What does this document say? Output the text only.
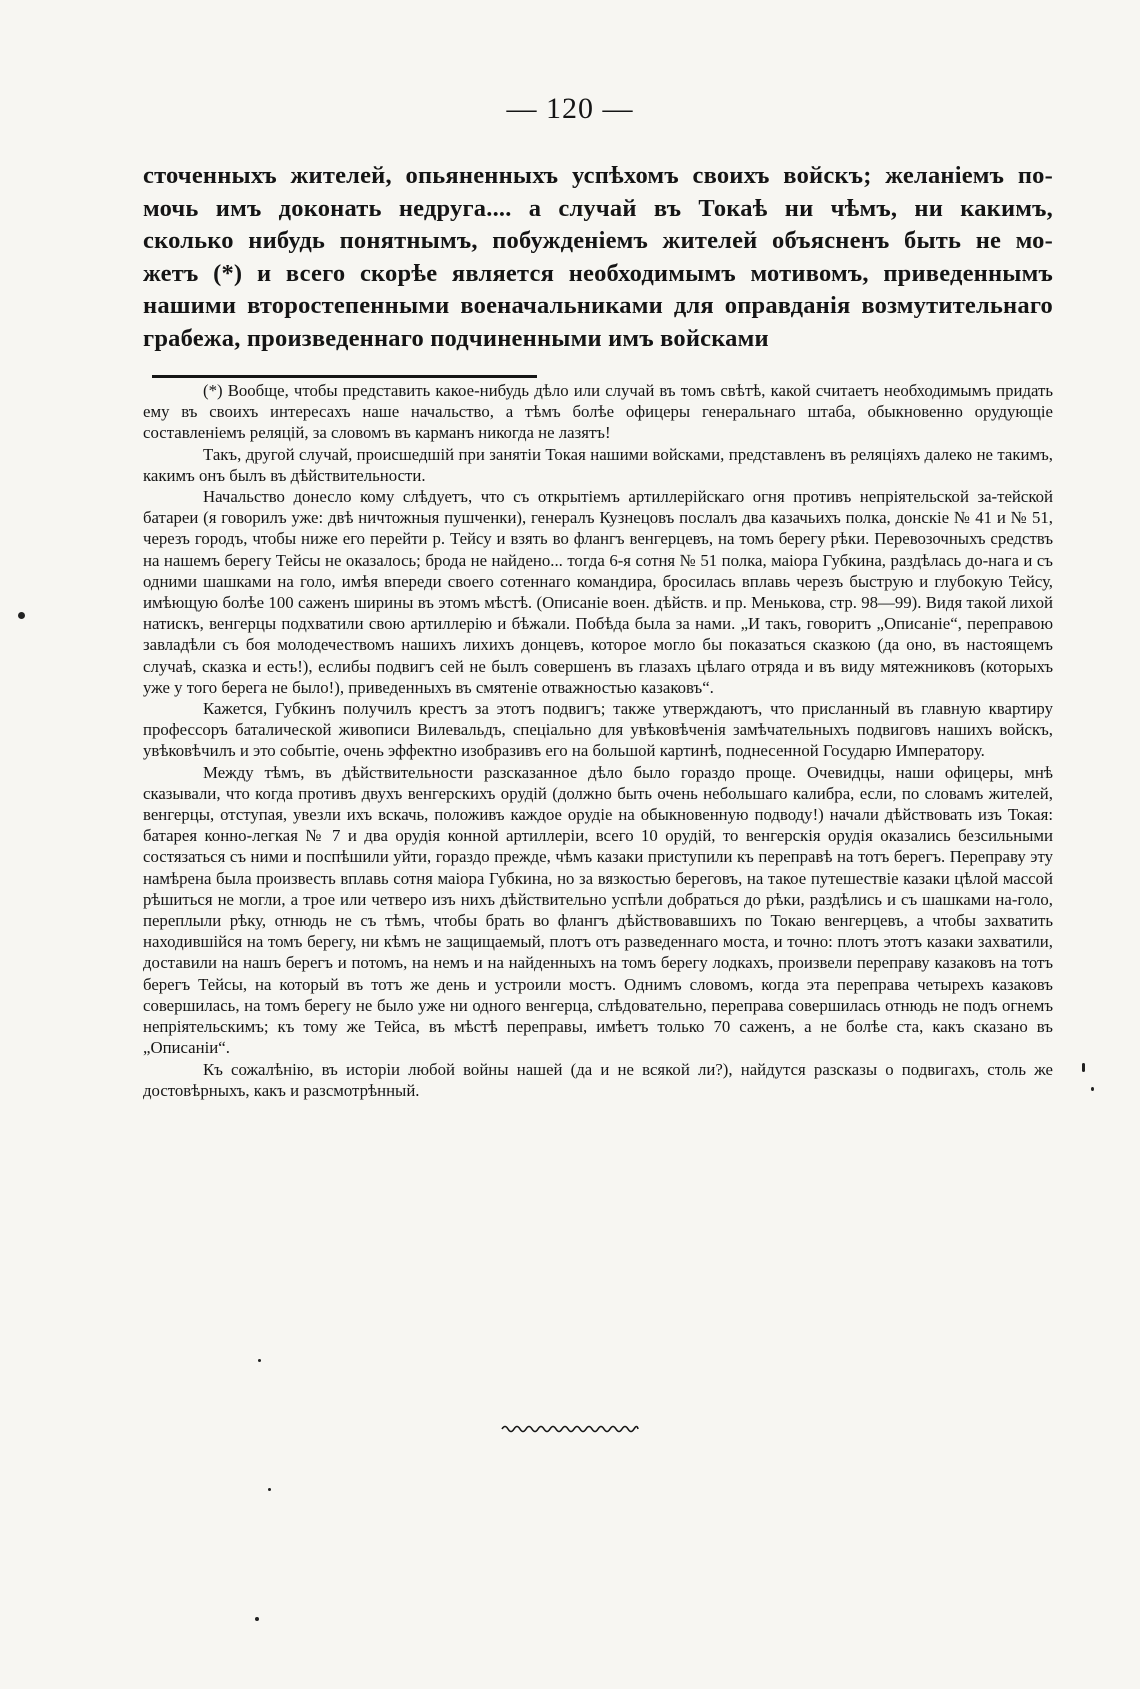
— 120 —
сточенныхъ жителей, опьяненныхъ успѣхомъ своихъ войскъ; желаніемъ по-
мочь имъ доконать недруга.... а случай въ Токаѣ ни чѣмъ, ни какимъ,
сколько нибудь понятнымъ, побужденіемъ жителей объясненъ быть не мо-
жетъ (*) и всего скорѣе является необходимымъ мотивомъ, приведеннымъ
нашими второстепенными военачальниками для оправданія возмутительнаго
грабежа, произведеннаго подчиненными имъ войсками

(*) Вообще, чтобы представить какое-нибудь дѣло или случай въ томъ свѣтѣ, какой считаетъ необходимымъ придать ему въ своихъ интересахъ наше начальство, а тѣмъ болѣе офицеры генеральнаго штаба, обыкновенно орудующіе составленіемъ реляцій, за словомъ въ карманъ никогда не лазятъ!

Такъ, другой случай, происшедшій при занятіи Токая нашими войсками, представленъ въ реляціяхъ далеко не такимъ, какимъ онъ былъ въ дѣйствительности.

Начальство донесло кому слѣдуетъ, что съ открытіемъ артиллерійскаго огня противъ непріятельской за-тейской батареи (я говорилъ уже: двѣ ничтожныя пушченки), генералъ Кузнецовъ послалъ два казачьихъ полка, донскіе № 41 и № 51, черезъ городъ, чтобы ниже его перейти р. Тейсу и взять во флангъ венгерцевъ, на томъ берегу рѣки. Перевозочныхъ средствъ на нашемъ берегу Тейсы не оказалось; брода не найдено... тогда 6-я сотня № 51 полка, маіора Губкина, раздѣлась до-нага и съ одними шашками на голо, имѣя впереди своего сотеннаго командира, бросилась вплавь черезъ быструю и глубокую Тейсу, имѣющую болѣе 100 саженъ ширины въ этомъ мѣстѣ. (Описаніе воен. дѣйств. и пр. Менькова, стр. 98—99). Видя такой лихой натискъ, венгерцы подхватили свою артиллерію и бѣжали. Побѣда была за нами. „И такъ, говоритъ „Описаніе“, переправою завладѣли съ боя молодечествомъ нашихъ лихихъ донцевъ, которое могло бы показаться сказкою (да оно, въ настоящемъ случаѣ, сказка и есть!), еслибы подвигъ сей не былъ совершенъ въ глазахъ цѣлаго отряда и въ виду мятежниковъ (которыхъ уже у того берега не было!), приведенныхъ въ смятеніе отважностью казаковъ“.

Кажется, Губкинъ получилъ крестъ за этотъ подвигъ; также утверждаютъ, что присланный въ главную квартиру профессоръ баталической живописи Вилевальдъ, спеціально для увѣковѣченія замѣчательныхъ подвиговъ нашихъ войскъ, увѣковѣчилъ и это событіе, очень эффектно изобразивъ его на большой картинѣ, поднесенной Государю Императору.

Между тѣмъ, въ дѣйствительности разсказанное дѣло было гораздо проще. Очевидцы, наши офицеры, мнѣ сказывали, что когда противъ двухъ венгерскихъ орудій (должно быть очень небольшаго калибра, если, по словамъ жителей, венгерцы, отступая, увезли ихъ вскачь, положивъ каждое орудіе на обыкновенную подводу!) начали дѣйствовать изъ Токая: батарея конно-легкая № 7 и два орудія конной артиллеріи, всего 10 орудій, то венгерскія орудія оказались безсильными состязаться съ ними и поспѣшили уйти, гораздо прежде, чѣмъ казаки приступили къ переправѣ на тотъ берегъ. Переправу эту намѣрена была произвесть вплавь сотня маіора Губкина, но за вязкостью береговъ, на такое путешествіе казаки цѣлой массой рѣшиться не могли, а трое или четверо изъ нихъ дѣйствительно успѣли добраться до рѣки, раздѣлись и съ шашками на-голо, переплыли рѣку, отнюдь не съ тѣмъ, чтобы брать во флангъ дѣйствовавшихъ по Токаю венгерцевъ, а чтобы захватить находившійся на томъ берегу, ни кѣмъ не защищаемый, плотъ отъ разведеннаго моста, и точно: плотъ этотъ казаки захватили, доставили на нашъ берегъ и потомъ, на немъ и на найденныхъ на томъ берегу лодкахъ, произвели переправу казаковъ на тотъ берегъ Тейсы, на который въ тотъ же день и устроили мостъ. Однимъ словомъ, когда эта переправа четырехъ казаковъ совершилась, на томъ берегу не было уже ни одного венгерца, слѣдовательно, переправа совершилась отнюдь не подъ огнемъ непріятельскимъ; къ тому же Тейса, въ мѣстѣ переправы, имѣетъ только 70 саженъ, а не болѣе ста, какъ сказано въ „Описаніи“.

Къ сожалѣнію, въ исторіи любой войны нашей (да и не всякой ли?), найдутся разсказы о подвигахъ, столь же достовѣрныхъ, какъ и разсмотрѣнный.
